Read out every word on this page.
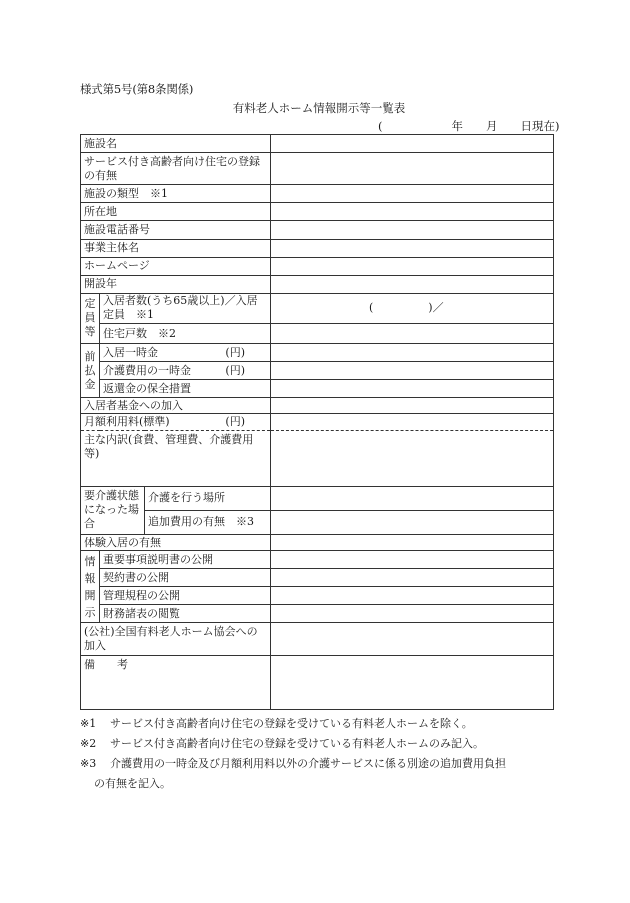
様式第5号(第8条関係)
有料老人ホーム情報開示等一覧表
(　　　　　　年　　月　　日現在)
施設名			
サービス付き高齢者向け住宅の登録の有無			
施設の類型　※1			
所在地			
施設電話番号			
事業主体名			
ホームページ			
開設年			

定
員
等	入居者数(うち65歳以上)／入居定員　※1		(　　　　　)／
	住宅戸数　※2		

前
払
金	入居一時金 (円)		

	介護費用の一時金 (円)		

	返還金の保全措置		
入居者基金への加入			
月額利用料(標準) (円)			

主な内訳(食費、管理費、介護費用等)			
要介護状態になった場合		介護を行う場所	
		追加費用の有無　※3	
体験入居の有無			

情
報
開
示	重要事項説明書の公開		
	契約書の公開		
	管理規程の公開		
	財務諸表の閲覧		
(公社)全国有料老人ホーム協会への加入			
備　　考			
※1	サービス付き高齢者向け住宅の登録を受けている有料老人ホームを除く。
※2	サービス付き高齢者向け住宅の登録を受けている有料老人ホームのみ記入。
※3	介護費用の一時金及び月額利用料以外の介護サービスに係る別途の追加費用負担
の有無を記入。
